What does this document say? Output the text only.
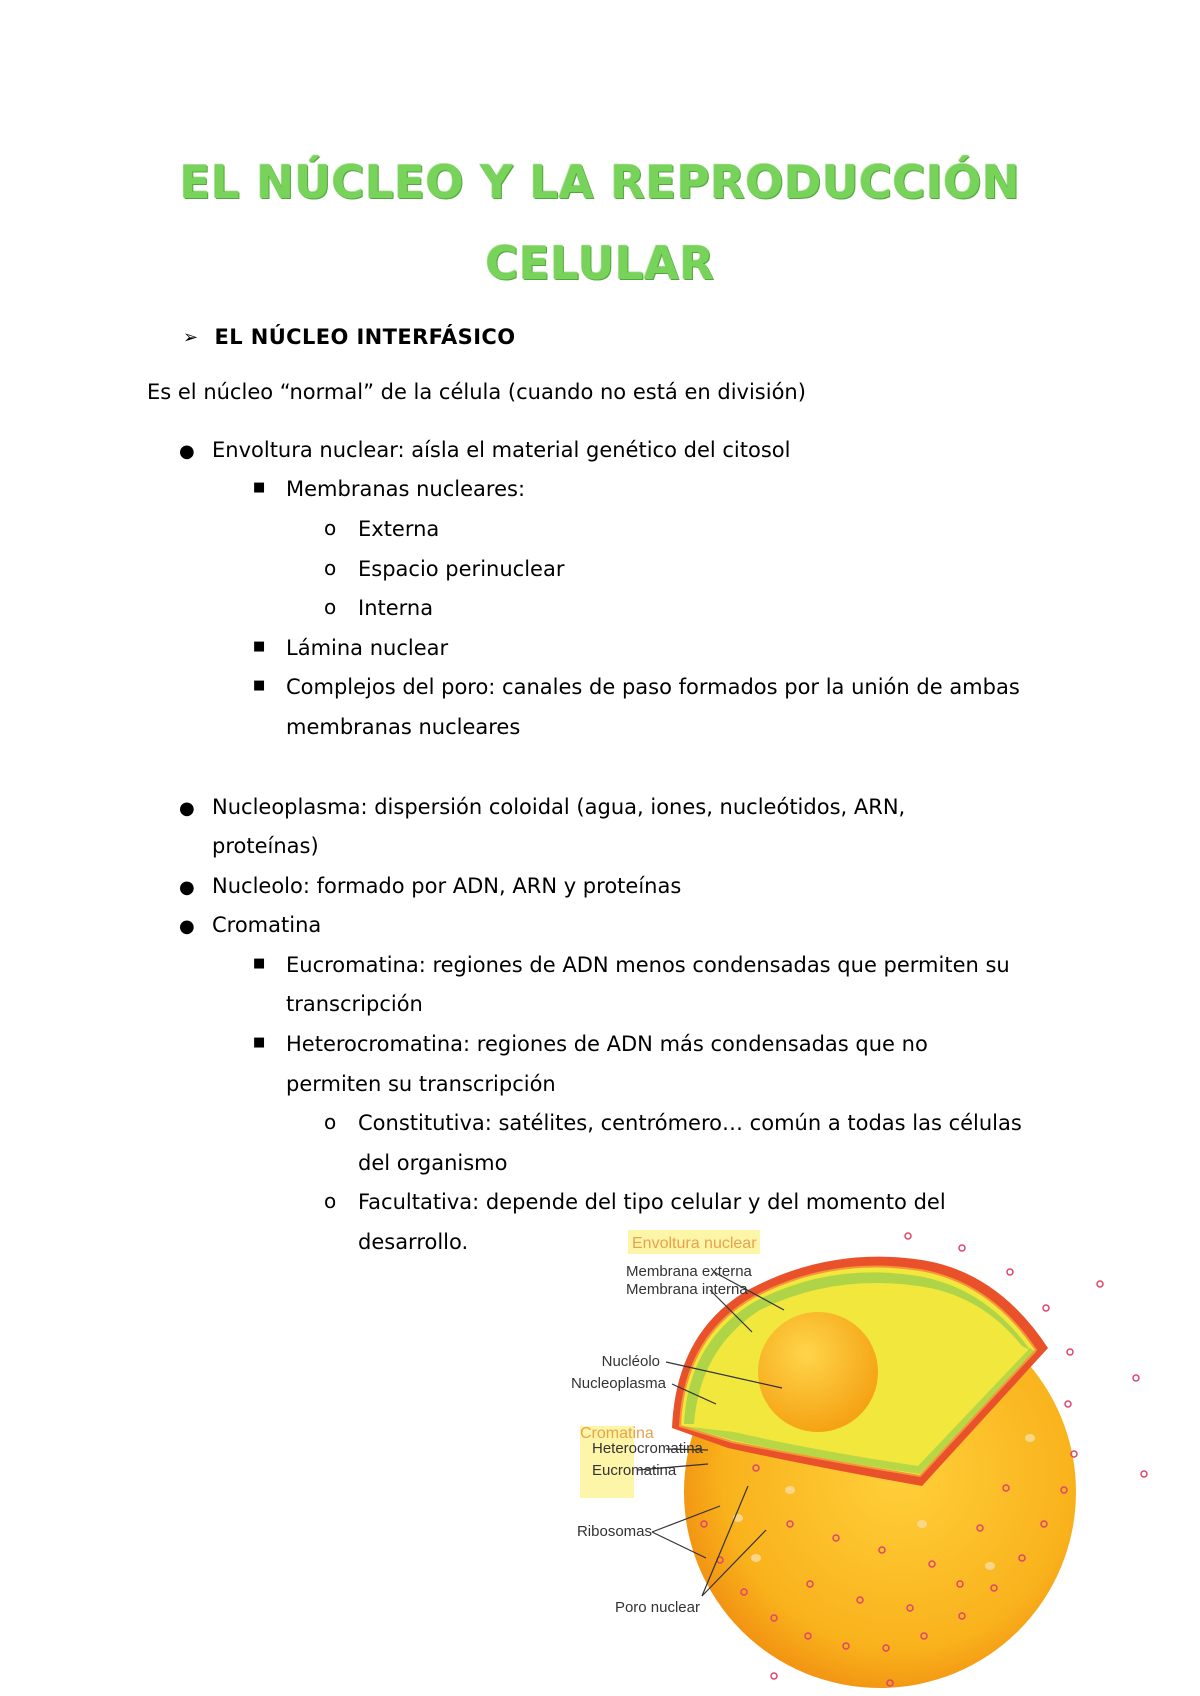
EL NÚCLEO Y LA REPRODUCCIÓN
CELULAR
➢ EL NÚCLEO INTERFÁSICO
Es el núcleo “normal” de la célula (cuando no está en división)
● Envoltura nuclear: aísla el material genético del citosol
■ Membranas nucleares:
o Externa
o Espacio perinuclear
o Interna
■ Lámina nuclear
■ Complejos del poro: canales de paso formados por la unión de ambas
membranas nucleares
● Nucleoplasma: dispersión coloidal (agua, iones, nucleótidos, ARN,
proteínas)
● Nucleolo: formado por ADN, ARN y proteínas
● Cromatina
■ Eucromatina: regiones de ADN menos condensadas que permiten su
transcripción
■ Heterocromatina: regiones de ADN más condensadas que no
permiten su transcripción
o Constitutiva: satélites, centrómero… común a todas las células
del organismo
o Facultativa: depende del tipo celular y del momento del
desarrollo.	Envoltura nuclear
Membrana externa
Membrana interna
Nucléolo
Nucleoplasma
Cromatina
Heterocromatina
Eucromatina
Ribosomas
Poro nuclear
